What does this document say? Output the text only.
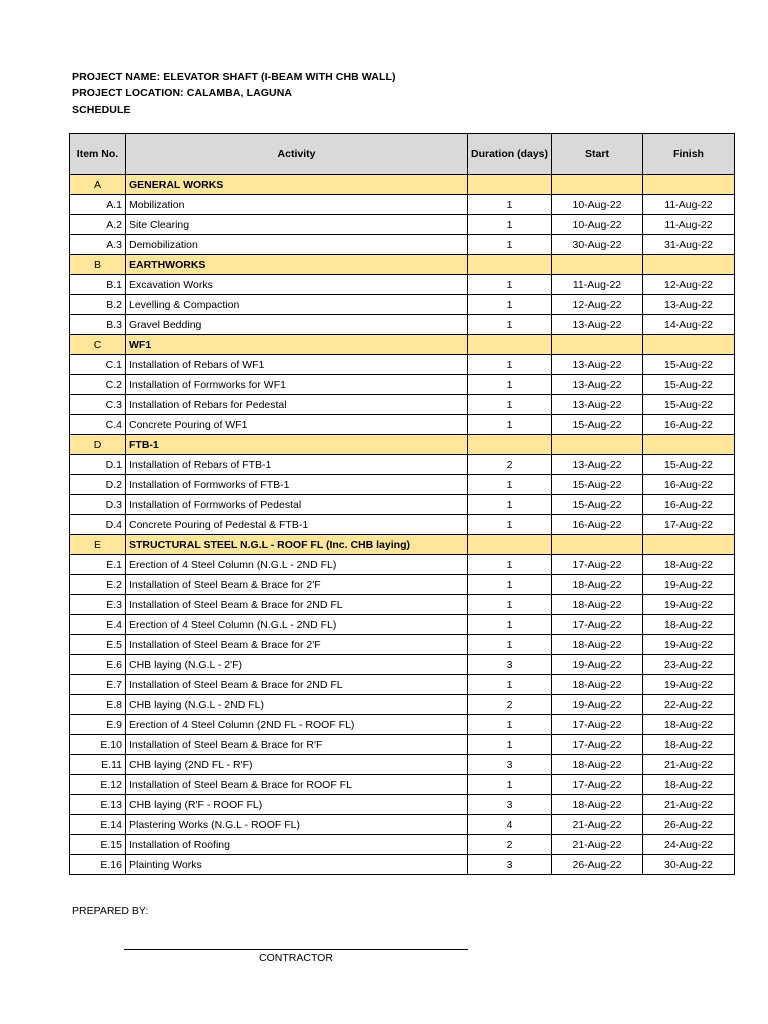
PROJECT NAME: ELEVATOR SHAFT (I-BEAM WITH CHB WALL)
PROJECT LOCATION: CALAMBA, LAGUNA
SCHEDULE
Item No.	Activity	Duration (days)	Start	Finish
A	GENERAL WORKS			
A.1	Mobilization	1	10-Aug-22	11-Aug-22
A.2	Site Clearing	1	10-Aug-22	11-Aug-22
A.3	Demobilization	1	30-Aug-22	31-Aug-22
B	EARTHWORKS			
B.1	Excavation Works	1	11-Aug-22	12-Aug-22
B.2	Levelling & Compaction	1	12-Aug-22	13-Aug-22
B.3	Gravel Bedding	1	13-Aug-22	14-Aug-22
C	WF1			
C.1	Installation of Rebars of WF1	1	13-Aug-22	15-Aug-22
C.2	Installation of Formworks for WF1	1	13-Aug-22	15-Aug-22
C.3	Installation of Rebars for Pedestal	1	13-Aug-22	15-Aug-22
C.4	Concrete Pouring of WF1	1	15-Aug-22	16-Aug-22
D	FTB-1			
D.1	Installation of Rebars of FTB-1	2	13-Aug-22	15-Aug-22
D.2	Installation of Formworks of FTB-1	1	15-Aug-22	16-Aug-22
D.3	Installation of Formworks of Pedestal	1	15-Aug-22	16-Aug-22
D.4	Concrete Pouring of Pedestal & FTB-1	1	16-Aug-22	17-Aug-22
E	STRUCTURAL STEEL N.G.L - ROOF FL (Inc. CHB laying)			
E.1	Erection of 4 Steel Column (N.G.L - 2ND FL)	1	17-Aug-22	18-Aug-22
E.2	Installation of Steel Beam & Brace for 2'F	1	18-Aug-22	19-Aug-22
E.3	Installation of Steel Beam & Brace for 2ND FL	1	18-Aug-22	19-Aug-22
E.4	Erection of 4 Steel Column (N.G.L - 2ND FL)	1	17-Aug-22	18-Aug-22
E.5	Installation of Steel Beam & Brace for 2'F	1	18-Aug-22	19-Aug-22
E.6	CHB laying (N.G.L - 2'F)	3	19-Aug-22	23-Aug-22
E.7	Installation of Steel Beam & Brace for 2ND FL	1	18-Aug-22	19-Aug-22
E.8	CHB laying (N.G.L - 2ND FL)	2	19-Aug-22	22-Aug-22
E.9	Erection of 4 Steel Column (2ND FL - ROOF FL)	1	17-Aug-22	18-Aug-22
E.10	Installation of Steel Beam & Brace for R'F	1	17-Aug-22	18-Aug-22
E.11	CHB laying (2ND FL - R'F)	3	18-Aug-22	21-Aug-22
E.12	Installation of Steel Beam & Brace for ROOF FL	1	17-Aug-22	18-Aug-22
E.13	CHB laying (R'F - ROOF FL)	3	18-Aug-22	21-Aug-22
E.14	Plastering Works (N.G.L - ROOF FL)	4	21-Aug-22	26-Aug-22
E.15	Installation of Roofing	2	21-Aug-22	24-Aug-22
E.16	Plainting Works	3	26-Aug-22	30-Aug-22
PREPARED BY:
CONTRACTOR
